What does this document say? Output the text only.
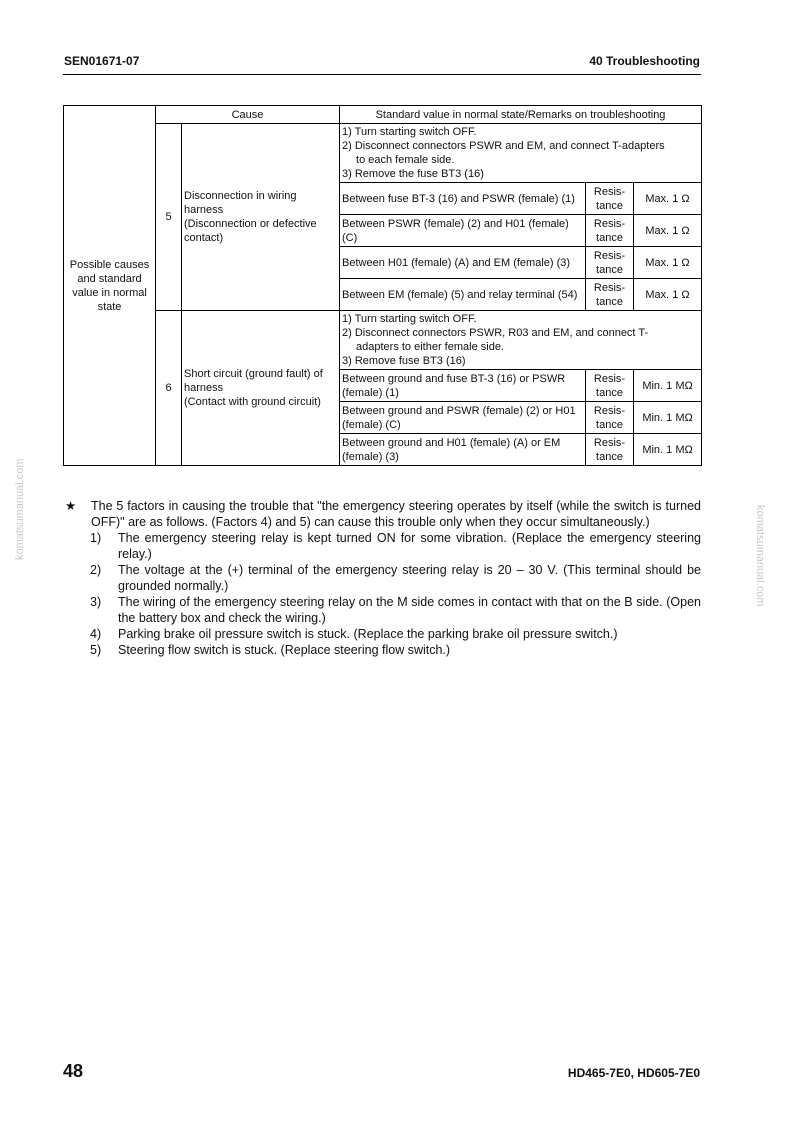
SEN01671-07	40 Troubleshooting
komatsumanual.com	komatsumanual.com
Possible causes and standard value in normal state	Cause		Standard value in normal state/Remarks on troubleshooting		
	5	Disconnection in wiring harness
(Disconnection or defective contact)	1) Turn starting switch OFF.
2) Disconnect connectors PSWR and EM, and connect T-adapters
to each female side.
3) Remove the fuse BT3 (16)		

			Between fuse BT-3 (16) and PSWR (female) (1)	Resis-
tance	Max. 1 Ω
			Between PSWR (female) (2) and H01 (female) (C)	Resis-
tance	Max. 1 Ω
			Between H01 (female) (A) and EM (female) (3)	Resis-
tance	Max. 1 Ω
			Between EM (female) (5) and relay terminal (54)	Resis-
tance	Max. 1 Ω
	6	Short circuit (ground fault) of harness
(Contact with ground circuit)	1) Turn starting switch OFF.
2) Disconnect connectors PSWR, R03 and EM, and connect T-
adapters to either female side.
3) Remove fuse BT3 (16)		

			Between ground and fuse BT-3 (16) or PSWR (female) (1)	Resis-
tance	Min. 1 MΩ
			Between ground and PSWR (female) (2) or H01 (female) (C)	Resis-
tance	Min. 1 MΩ
			Between ground and H01 (female) (A) or EM (female) (3)	Resis-
tance	Min. 1 MΩ
★ The 5 factors in causing the trouble that "the emergency steering operates by itself (while the switch is turned OFF)" are as follows. (Factors 4) and 5) can cause this trouble only when they occur simultaneously.)
1) The emergency steering relay is kept turned ON for some vibration. (Replace the emergency steering relay.)
2) The voltage at the (+) terminal of the emergency steering relay is 20 – 30 V. (This terminal should be grounded normally.)
3) The wiring of the emergency steering relay on the M side comes in contact with that on the B side. (Open the battery box and check the wiring.)
4) Parking brake oil pressure switch is stuck. (Replace the parking brake oil pressure switch.)
5) Steering flow switch is stuck. (Replace steering flow switch.)
48	HD465-7E0, HD605-7E0
